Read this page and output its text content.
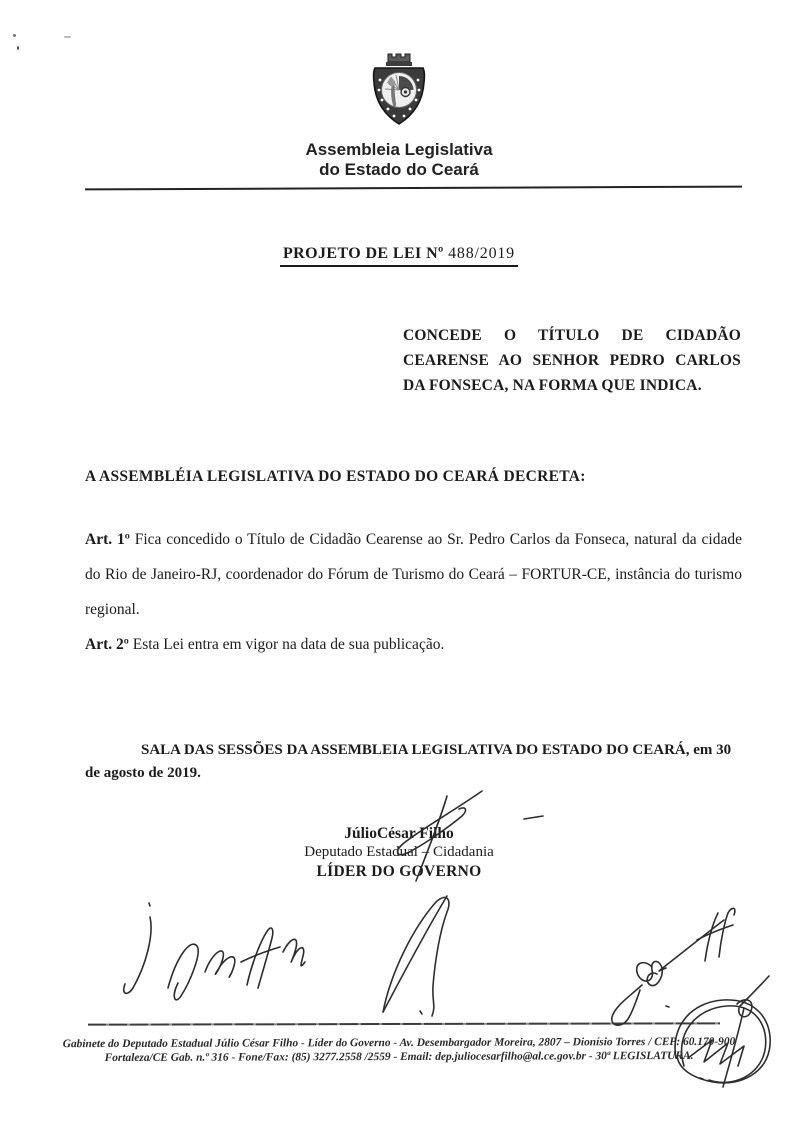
Assembleia Legislativa
do Estado do Ceará
PROJETO DE LEI Nº 488/2019
CONCEDE O TÍTULO DE CIDADÃO CEARENSE AO SENHOR PEDRO CARLOS DA FONSECA, NA FORMA QUE INDICA.
A ASSEMBLÉIA LEGISLATIVA DO ESTADO DO CEARÁ DECRETA:
Art. 1º Fica concedido o Título de Cidadão Cearense ao Sr. Pedro Carlos da Fonseca, natural da cidade do Rio de Janeiro-RJ, coordenador do Fórum de Turismo do Ceará – FORTUR-CE, instância do turismo regional.
Art. 2º Esta Lei entra em vigor na data de sua publicação.
SALA DAS SESSÕES DA ASSEMBLEIA LEGISLATIVA DO ESTADO DO CEARÁ, em 30 de agosto de 2019.
JúlioCésar Filho
Deputado Estadual – Cidadania
LÍDER DO GOVERNO
Gabinete do Deputado Estadual Júlio César Filho - Líder do Governo - Av. Desembargador Moreira, 2807 – Dionísio Torres / CEP: 60.170-900
Fortaleza/CE Gab. n.º 316 - Fone/Fax: (85) 3277.2558 /2559 - Email: dep.juliocesarfilho@al.ce.gov.br - 30ª LEGISLATURA.
